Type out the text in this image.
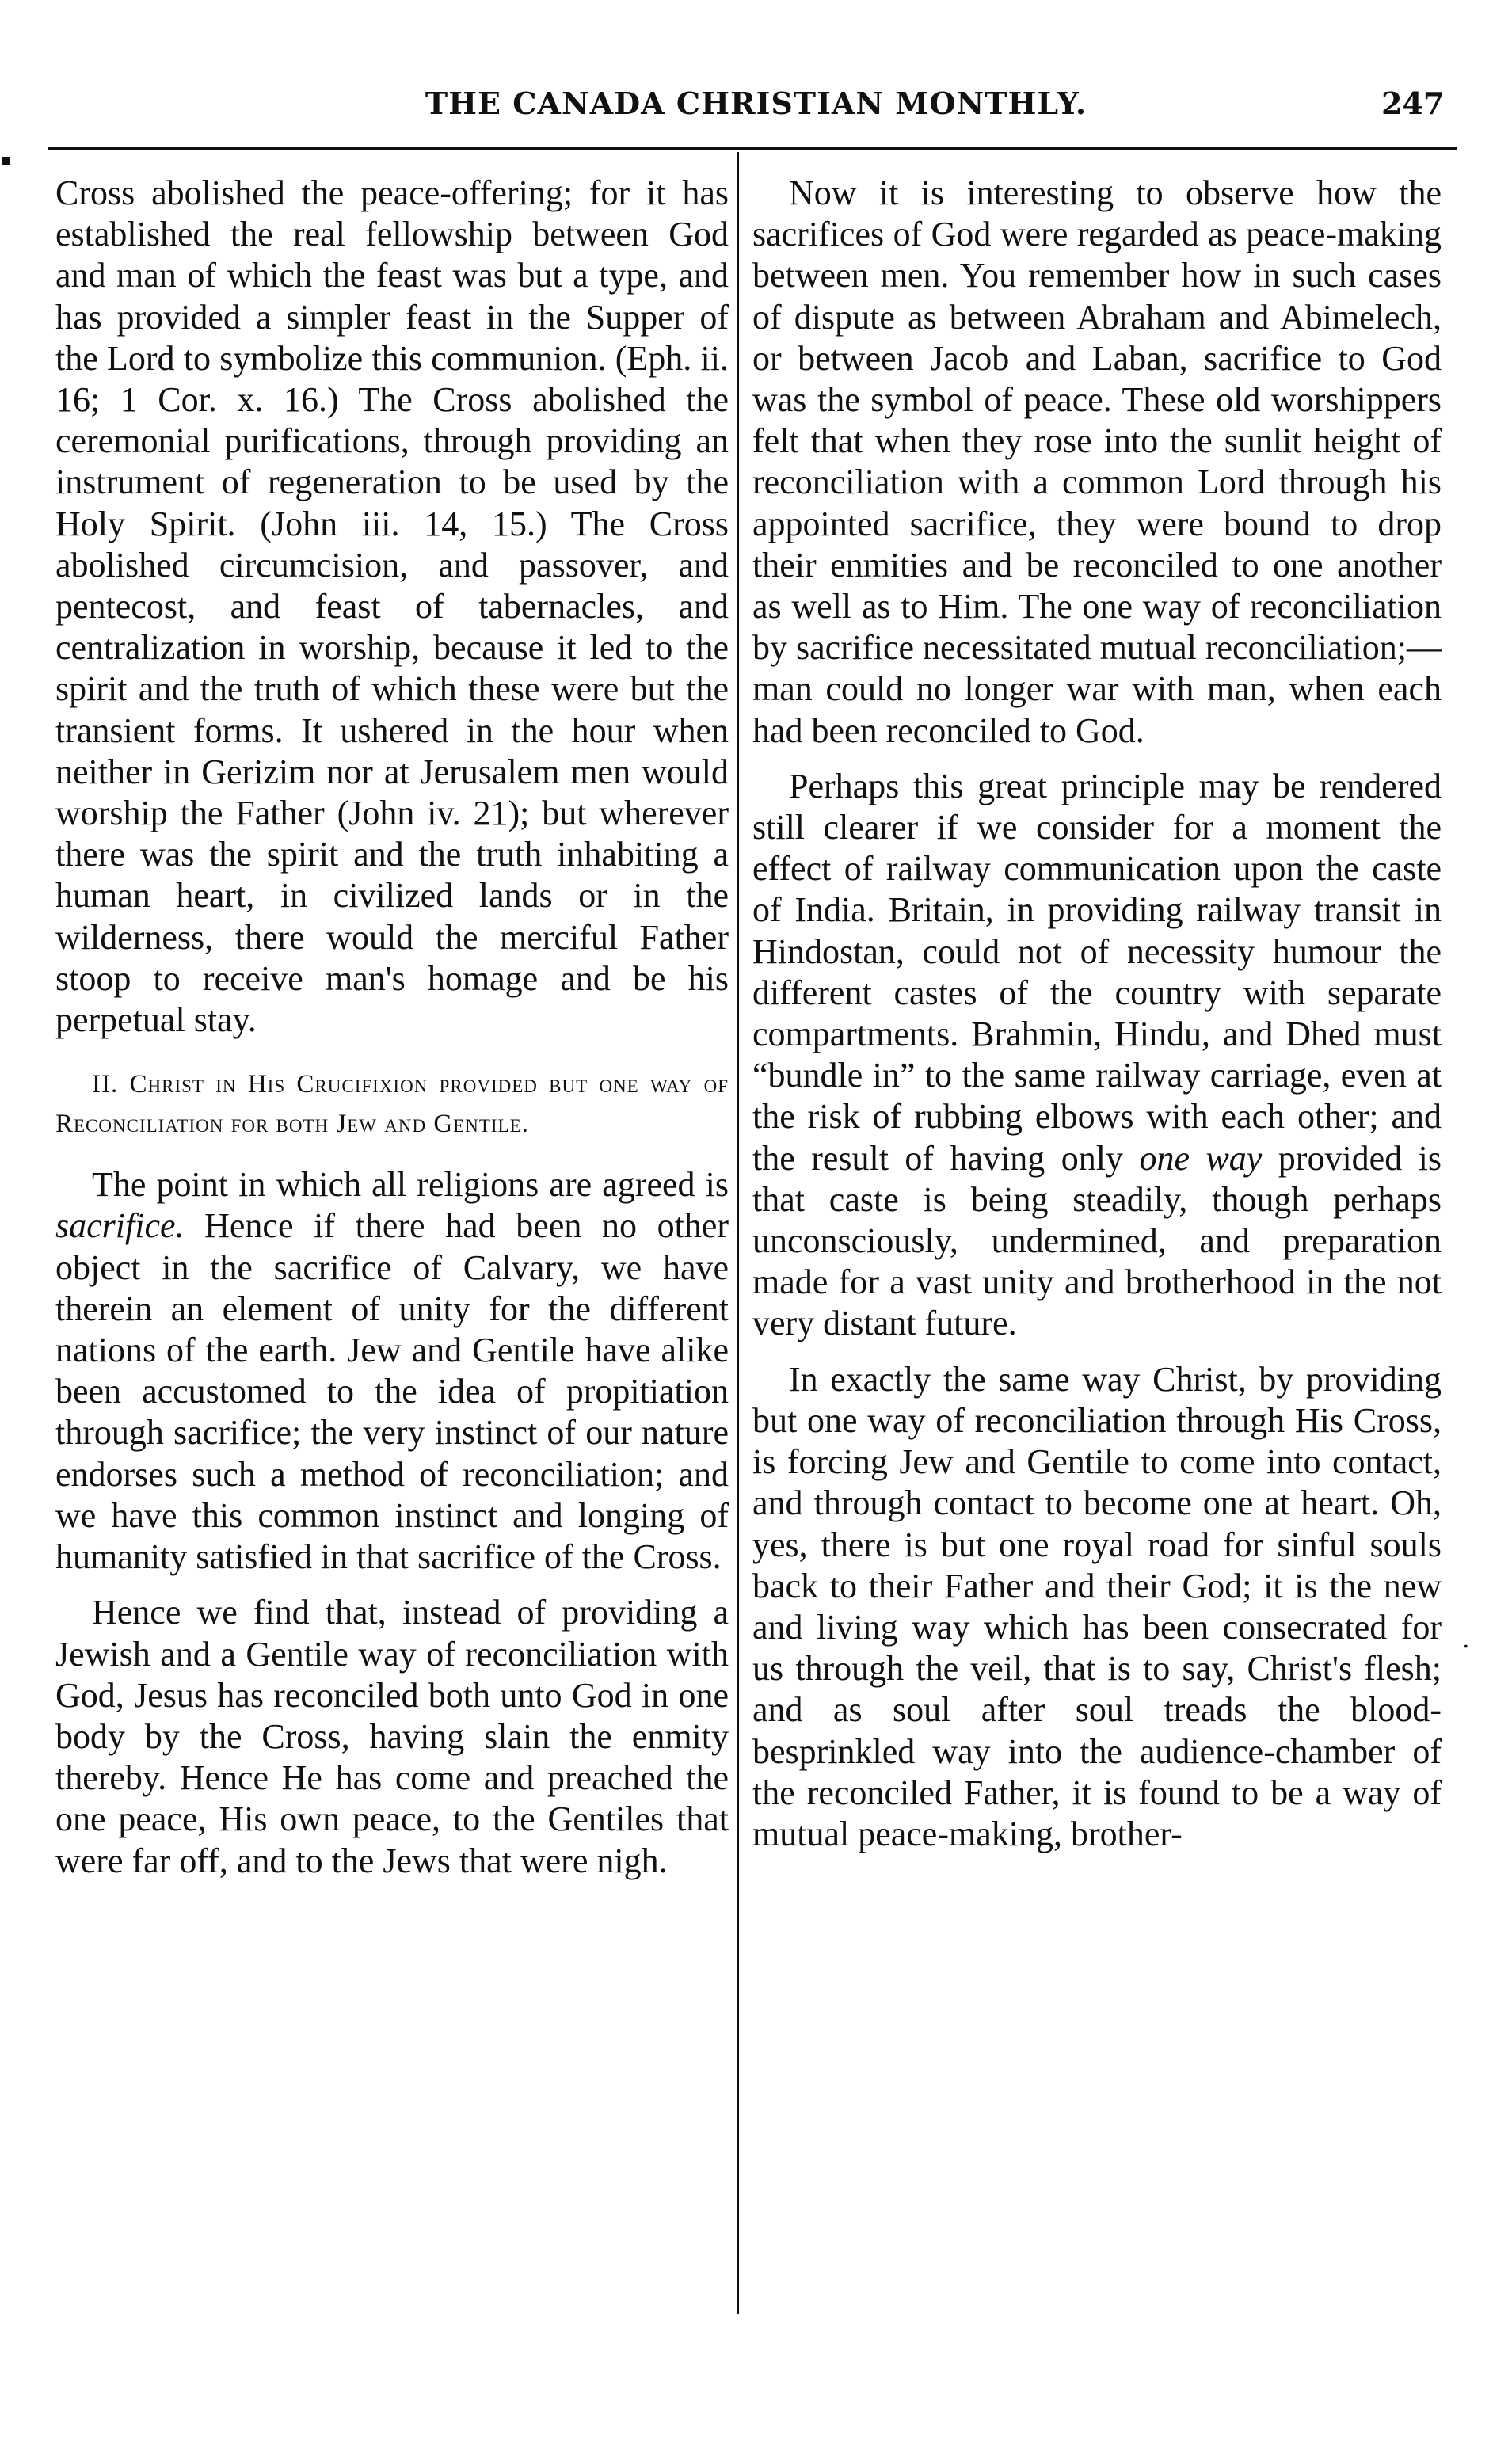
THE CANADA CHRISTIAN MONTHLY.	247

Cross abolished the peace-offering; for it has established the real fellowship between God and man of which the feast was but a type, and has provided a simpler feast in the Supper of the Lord to symbolize this communion. (Eph. ii. 16; 1 Cor. x. 16.) The Cross abolished the ceremonial purifications, through providing an instrument of regeneration to be used by the Holy Spirit. (John iii. 14, 15.) The Cross abolished circumcision, and passover, and pentecost, and feast of tabernacles, and centralization in worship, because it led to the spirit and the truth of which these were but the transient forms. It ushered in the hour when neither in Gerizim nor at Jerusalem men would worship the Father (John iv. 21); but wherever there was the spirit and the truth inhabiting a human heart, in civilized lands or in the wilderness, there would the merciful Father stoop to receive man's homage and be his perpetual stay.

II. Christ in His Crucifixion provided but one way of Reconciliation for both Jew and Gentile.

The point in which all religions are agreed is sacrifice. Hence if there had been no other object in the sacrifice of Calvary, we have therein an element of unity for the different nations of the earth. Jew and Gentile have alike been accustomed to the idea of propitiation through sacrifice; the very instinct of our nature endorses such a method of reconciliation; and we have this common instinct and longing of humanity satisfied in that sacrifice of the Cross.

Hence we find that, instead of providing a Jewish and a Gentile way of reconciliation with God, Jesus has reconciled both unto God in one body by the Cross, having slain the enmity thereby. Hence He has come and preached the one peace, His own peace, to the Gentiles that were far off, and to the Jews that were nigh.

Now it is interesting to observe how the sacrifices of God were regarded as peace-making between men. You remember how in such cases of dispute as between Abraham and Abimelech, or between Jacob and Laban, sacrifice to God was the symbol of peace. These old worshippers felt that when they rose into the sunlit height of reconciliation with a common Lord through his appointed sacrifice, they were bound to drop their enmities and be reconciled to one another as well as to Him. The one way of reconciliation by sacrifice necessitated mutual reconciliation;—man could no longer war with man, when each had been reconciled to God.

Perhaps this great principle may be rendered still clearer if we consider for a moment the effect of railway communication upon the caste of India. Britain, in providing railway transit in Hindostan, could not of necessity humour the different castes of the country with separate compartments. Brahmin, Hindu, and Dhed must “bundle in” to the same railway carriage, even at the risk of rubbing elbows with each other; and the result of having only one way provided is that caste is being steadily, though perhaps unconsciously, undermined, and preparation made for a vast unity and brotherhood in the not very distant future.

In exactly the same way Christ, by providing but one way of reconciliation through His Cross, is forcing Jew and Gentile to come into contact, and through contact to become one at heart. Oh, yes, there is but one royal road for sinful souls back to their Father and their God; it is the new and living way which has been consecrated for us through the veil, that is to say, Christ's flesh; and as soul after soul treads the blood-besprinkled way into the audience-chamber of the reconciled Father, it is found to be a way of mutual peace-making, brother-

.
